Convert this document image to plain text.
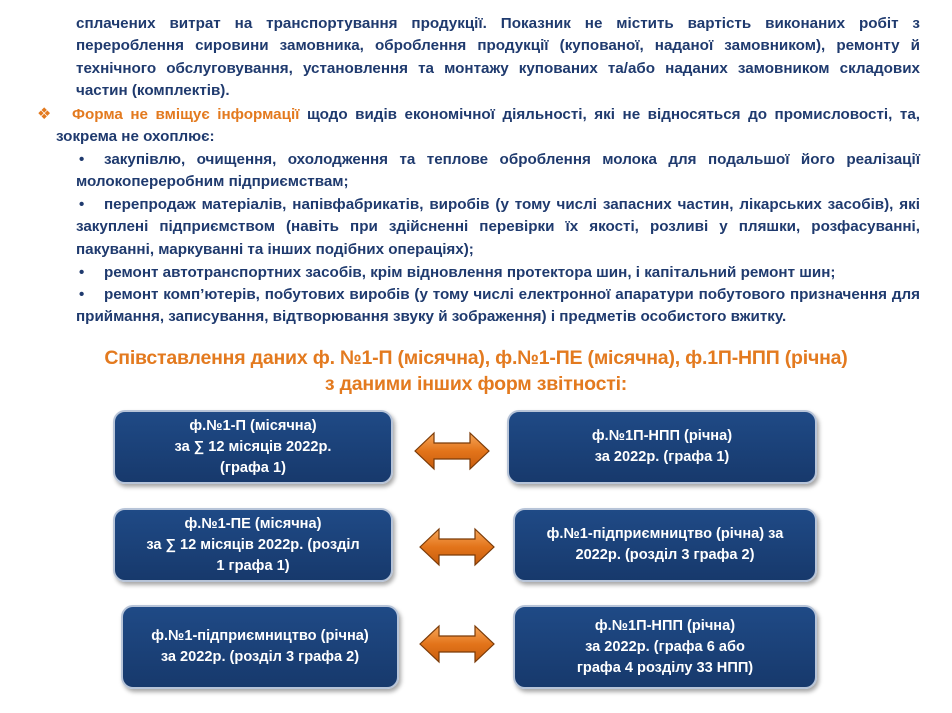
сплачених витрат на транспортування продукції. Показник не містить вартість виконаних робіт з перероблення сировини замовника, оброблення продукції (купованої, наданої замовником), ремонту й технічного обслуговування, установлення та монтажу купованих та/або наданих замовником складових частин (комплектів).
❖	Форма не вміщує інформації щодо видів економічної діяльності, які не відносяться до промисловості, та, зокрема не охоплює:
•	закупівлю, очищення, охолодження та теплове оброблення молока для подальшої його реалізації молокопереробним підприємствам;
•	перепродаж матеріалів, напівфабрикатів, виробів (у тому числі запасних частин, лікарських засобів), які закуплені підприємством (навіть при здійсненні перевірки їх якості, розливі у пляшки, розфасуванні, пакуванні, маркуванні та інших подібних операціях);
•	ремонт автотранспортних засобів, крім відновлення протектора шин, і капітальний ремонт шин;
•	ремонт комп’ютерів, побутових виробів (у тому числі електронної апаратури побутового призначення для приймання, записування, відтворювання звуку й зображення) і предметів особистого вжитку.
Співставлення даних ф. №1-П (місячна), ф.№1-ПЕ (місячна), ф.1П-НПП (річна)
з даними інших форм звітності:
ф.№1-П (місячна)
за ∑ 12 місяців 2022р.
(графа 1)
ф.№1П-НПП (річна)
за 2022р. (графа 1)
ф.№1-ПЕ (місячна)
за ∑ 12 місяців 2022р. (розділ
1 графа 1)
ф.№1-підприємництво (річна) за
2022р. (розділ 3 графа 2)
ф.№1-підприємництво (річна)
за 2022р. (розділ 3 графа 2)
ф.№1П-НПП (річна)
за 2022р. (графа 6 або
графа 4 розділу 33 НПП)
